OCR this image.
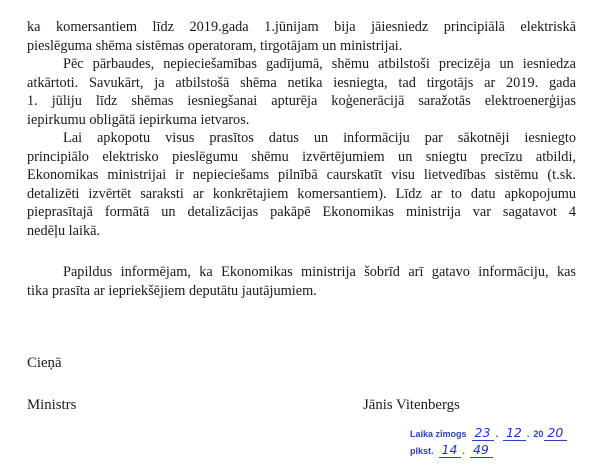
ka komersantiem līdz 2019.gada 1.jūnijam bija jāiesniedz principiālā elektriskā
pieslēguma shēma sistēmas operatoram, tirgotājam un ministrijai.
Pēc pārbaudes, nepieciešamības gadījumā, shēmu atbilstoši precizēja un iesniedza
atkārtoti. Savukārt, ja atbilstošā shēma netika iesniegta, tad tirgotājs ar 2019. gada
1. jūliju līdz shēmas iesniegšanai apturēja koģenerācijā saražotās elektroenerģijas
iepirkumu obligātā iepirkuma ietvaros.
Lai apkopotu visus prasītos datus un informāciju par sākotnēji iesniegto
principiālo elektrisko pieslēgumu shēmu izvērtējumiem un sniegtu precīzu atbildi,
Ekonomikas ministrijai ir nepieciešams pilnībā caurskatīt visu lietvedības sistēmu (t.sk.
detalizēti izvērtēt saraksti ar konkrētajiem komersantiem). Līdz ar to datu apkopojumu
pieprasītajā formātā un detalizācijas pakāpē Ekonomikas ministrija var sagatavot 4
nedēļu laikā.
Papildus informējam, ka Ekonomikas ministrija šobrīd arī gatavo informāciju, kas
tika prasīta ar iepriekšējiem deputātu jautājumiem.
Cieņā
Ministrs	Jānis Vitenbergs
Laika zīmogs 23 . 12 . 20 20
plkst. 14 . 49
